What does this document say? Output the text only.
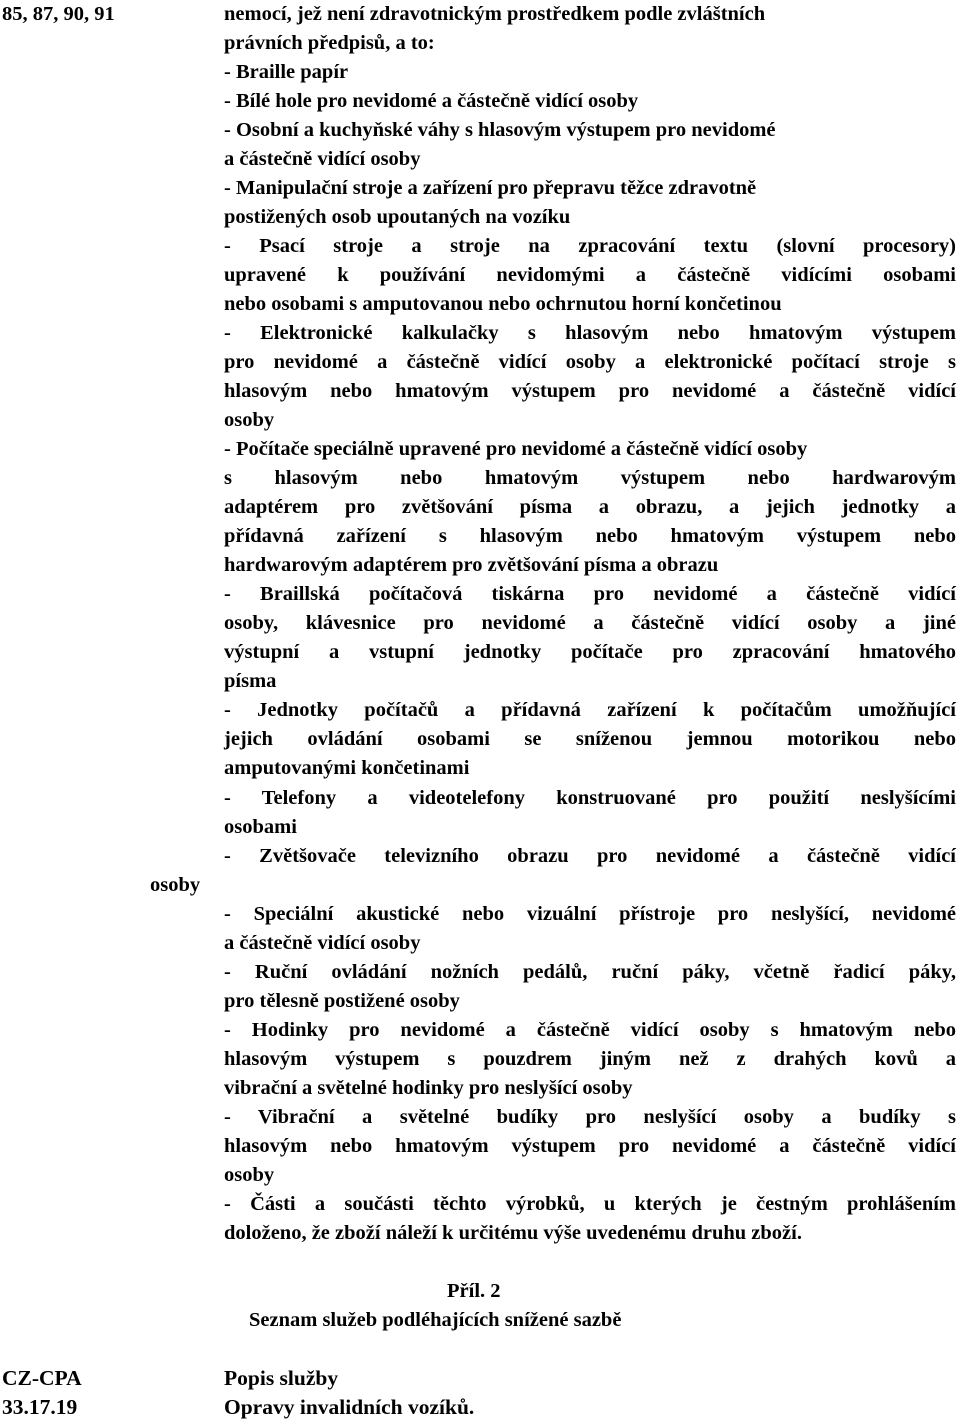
85, 87, 90, 91	nemocí, jež není zdravotnickým prostředkem podle zvláštních
právních předpisů, a to:
- Braille papír
- Bílé hole pro nevidomé a částečně vidící osoby
- Osobní a kuchyňské váhy s hlasovým výstupem pro nevidomé
a částečně vidící osoby
- Manipulační stroje a zařízení pro přepravu těžce zdravotně
postižených osob upoutaných na vozíku
- Psací stroje a stroje na zpracování textu (slovní procesory)
upravené k používání nevidomými a částečně vidícími osobami
nebo osobami s amputovanou nebo ochrnutou horní končetinou
- Elektronické kalkulačky s hlasovým nebo hmatovým výstupem
pro nevidomé a částečně vidící osoby a elektronické počítací stroje s
hlasovým nebo hmatovým výstupem pro nevidomé a částečně vidící
osoby
- Počítače speciálně upravené pro nevidomé a částečně vidící osoby
s hlasovým nebo hmatovým výstupem nebo hardwarovým
adaptérem pro zvětšování písma a obrazu, a jejich jednotky a
přídavná zařízení s hlasovým nebo hmatovým výstupem nebo
hardwarovým adaptérem pro zvětšování písma a obrazu
- Braillská počítačová tiskárna pro nevidomé a částečně vidící
osoby, klávesnice pro nevidomé a částečně vidící osoby a jiné
výstupní a vstupní jednotky počítače pro zpracování hmatového
písma
- Jednotky počítačů a přídavná zařízení k počítačům umožňující
jejich ovládání osobami se sníženou jemnou motorikou nebo
amputovanými končetinami
- Telefony a videotelefony konstruované pro použití neslyšícími
osobami
- Zvětšovače televizního obrazu pro nevidomé a částečně vidící
osoby
- Speciální akustické nebo vizuální přístroje pro neslyšící, nevidomé
a částečně vidící osoby
- Ruční ovládání nožních pedálů, ruční páky, včetně řadicí páky,
pro tělesně postižené osoby
- Hodinky pro nevidomé a částečně vidící osoby s hmatovým nebo
hlasovým výstupem s pouzdrem jiným než z drahých kovů a
vibrační a světelné hodinky pro neslyšící osoby
- Vibrační a světelné budíky pro neslyšící osoby a budíky s
hlasovým nebo hmatovým výstupem pro nevidomé a částečně vidící
osoby
- Části a součásti těchto výrobků, u kterých je čestným prohlášením
doloženo, že zboží náleží k určitému výše uvedenému druhu zboží.
Příl. 2
Seznam služeb podléhajících snížené sazbě
CZ-CPA	Popis služby
33.17.19	Opravy invalidních vozíků.
